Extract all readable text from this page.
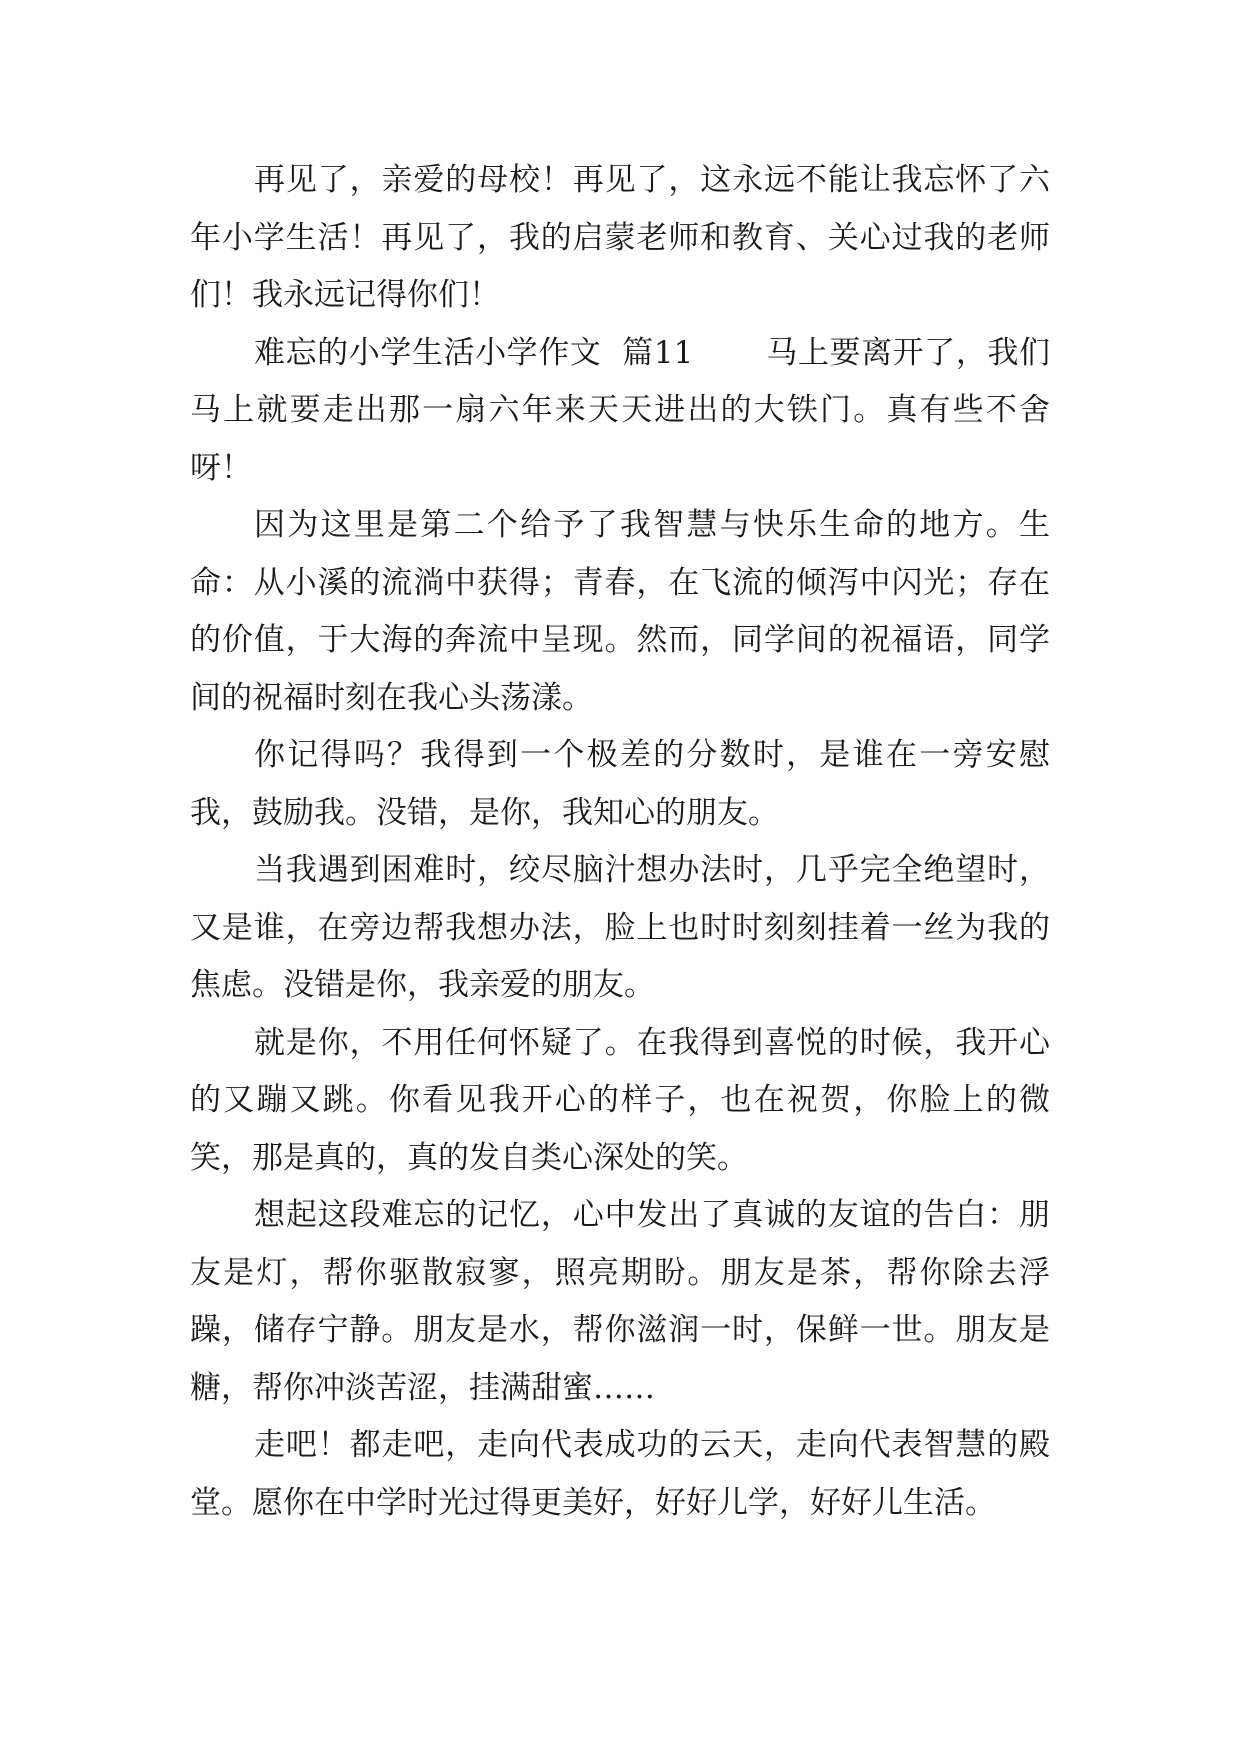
再见了，亲爱的母校！再见了，这永远不能让我忘怀了六年小学生活！再见了，我的启蒙老师和教育、关心过我的老师们！我永远记得你们！

难忘的小学生活小学作文  篇11 马上要离开了，我们马上就要走出那一扇六年来天天进出的大铁门。真有些不舍呀！

因为这里是第二个给予了我智慧与快乐生命的地方。生命：从小溪的流淌中获得；青春，在飞流的倾泻中闪光；存在的价值，于大海的奔流中呈现。然而，同学间的祝福语，同学间的祝福时刻在我心头荡漾。

你记得吗？我得到一个极差的分数时，是谁在一旁安慰我，鼓励我。没错，是你，我知心的朋友。

当我遇到困难时，绞尽脑汁想办法时，几乎完全绝望时，又是谁，在旁边帮我想办法，脸上也时时刻刻挂着一丝为我的焦虑。没错是你，我亲爱的朋友。

就是你，不用任何怀疑了。在我得到喜悦的时候，我开心的又蹦又跳。你看见我开心的样子，也在祝贺，你脸上的微笑，那是真的，真的发自类心深处的笑。

想起这段难忘的记忆，心中发出了真诚的友谊的告白：朋友是灯，帮你驱散寂寥，照亮期盼。朋友是茶，帮你除去浮躁，储存宁静。朋友是水，帮你滋润一时，保鲜一世。朋友是糖，帮你冲淡苦涩，挂满甜蜜……

走吧！都走吧，走向代表成功的云天，走向代表智慧的殿堂。愿你在中学时光过得更美好，好好儿学，好好儿生活。
